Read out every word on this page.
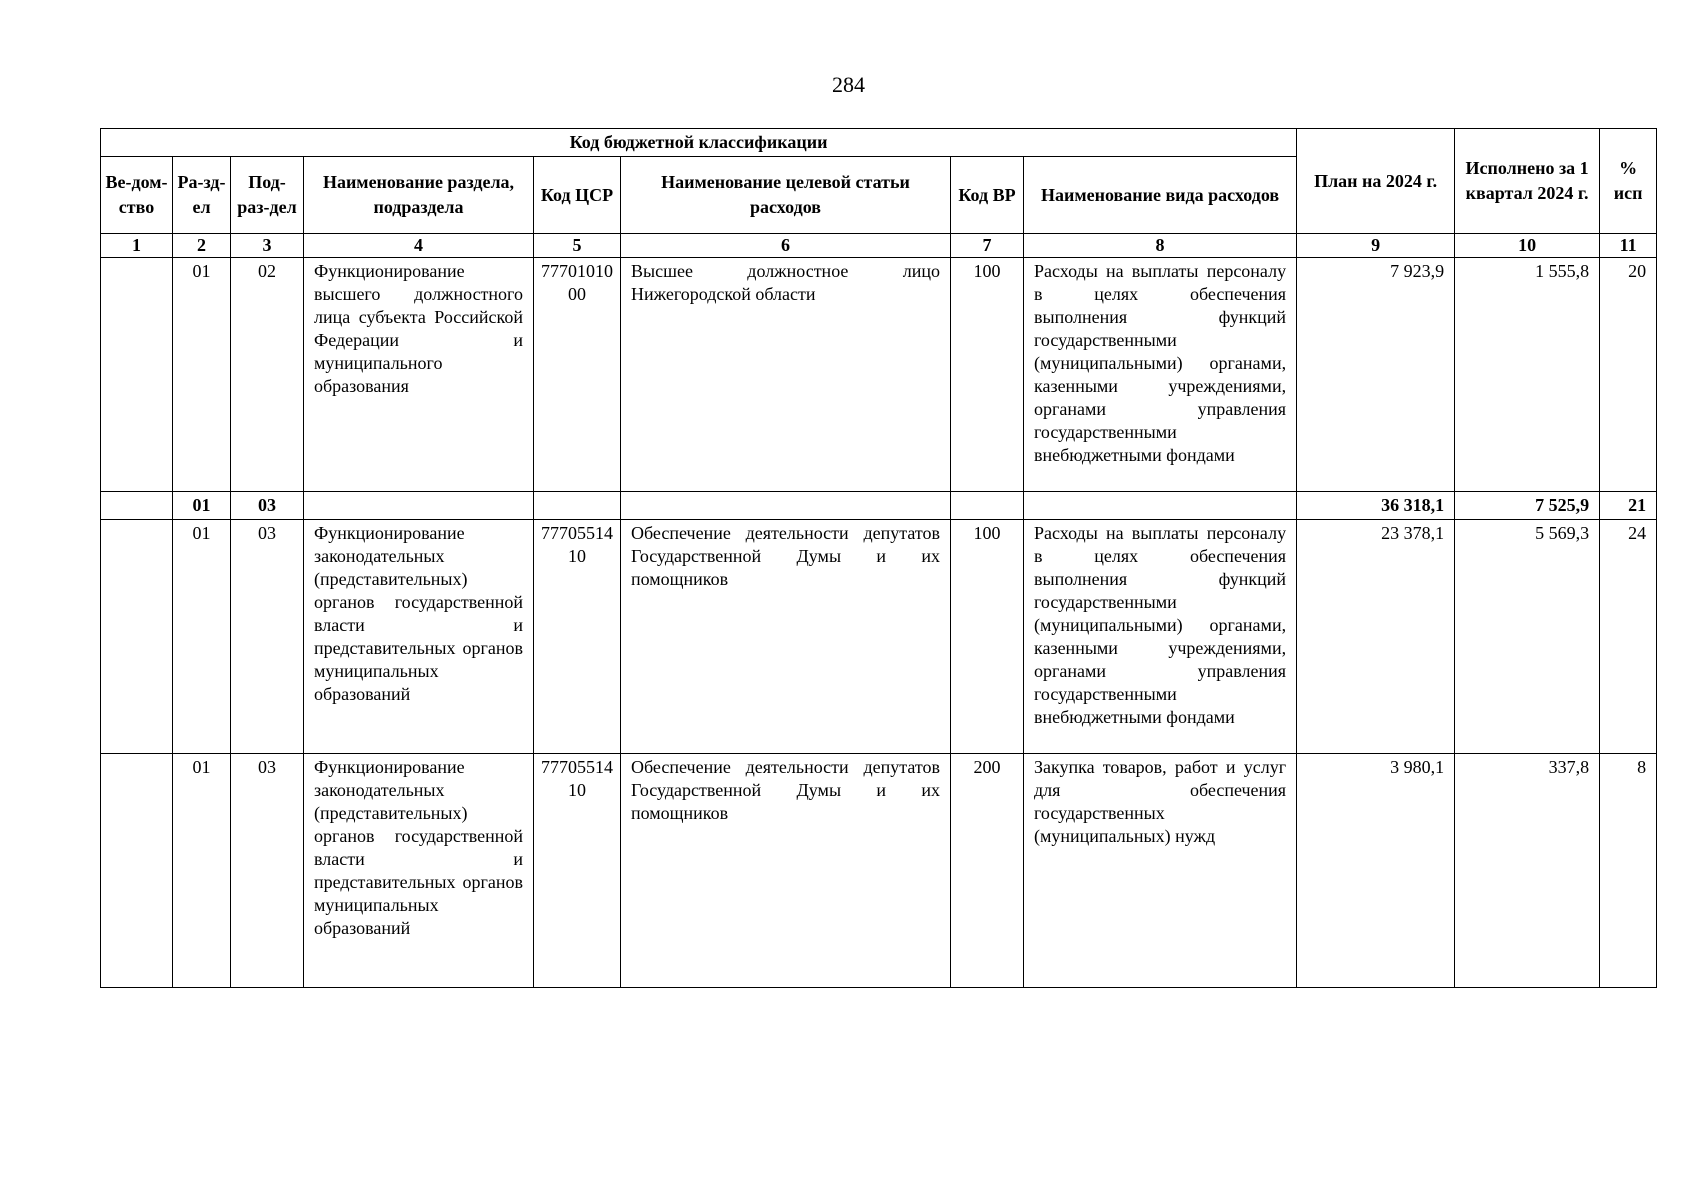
284
Код бюджетной классификации								План на 2024 г.	Исполнено за 1 квартал 2024 г.	% исп
Ве-дом-ство	Ра-зд-ел	Под-раз-дел	Наименование раздела, подраздела	Код ЦСР	Наименование целевой статьи расходов	Код ВР	Наименование вида расходов			
1	2	3	4	5	6	7	8	9	10	11
	01	02	Функционирование высшего должностного лица субъекта Российской Федерации и муниципального образования	7770101000	Высшее должностное лицо Нижегородской области	100	Расходы на выплаты персоналу в целях обеспечения выполнения функций государственными (муниципальными) органами, казенными учреждениями, органами управления государственными внебюджетными фондами	7 923,9	1 555,8	20
	01	03						36 318,1	7 525,9	21
	01	03	Функционирование законодательных (представительных) органов государственной власти и представительных органов муниципальных образований	7770551410	Обеспечение деятельности депутатов Государственной Думы и их помощников	100	Расходы на выплаты персоналу в целях обеспечения выполнения функций государственными (муниципальными) органами, казенными учреждениями, органами управления государственными внебюджетными фондами	23 378,1	5 569,3	24
	01	03	Функционирование законодательных (представительных) органов государственной власти и представительных органов муниципальных образований	7770551410	Обеспечение деятельности депутатов Государственной Думы и их помощников	200	Закупка товаров, работ и услуг для обеспечения государственных (муниципальных) нужд	3 980,1	337,8	8
